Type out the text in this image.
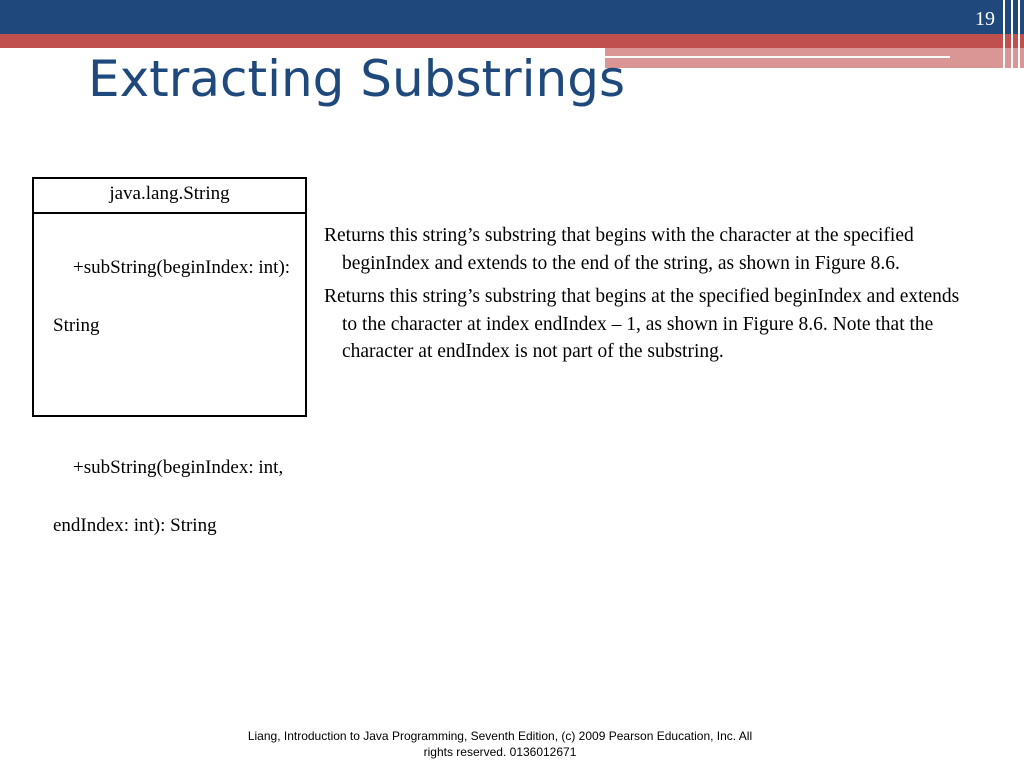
19
Extracting Substrings
java.lang.String

+subString(beginIndex: int):

String

+subString(beginIndex: int,

endIndex: int): String

Returns this string’s substring that begins with the character at the specified beginIndex and extends to the end of the string, as shown in Figure 8.6.

Returns this string’s substring that begins at the specified beginIndex and extends to the character at index endIndex – 1, as shown in Figure 8.6. Note that the character at endIndex is not part of the substring.

Liang, Introduction to Java Programming, Seventh Edition, (c) 2009 Pearson Education, Inc. All
rights reserved. 0136012671
